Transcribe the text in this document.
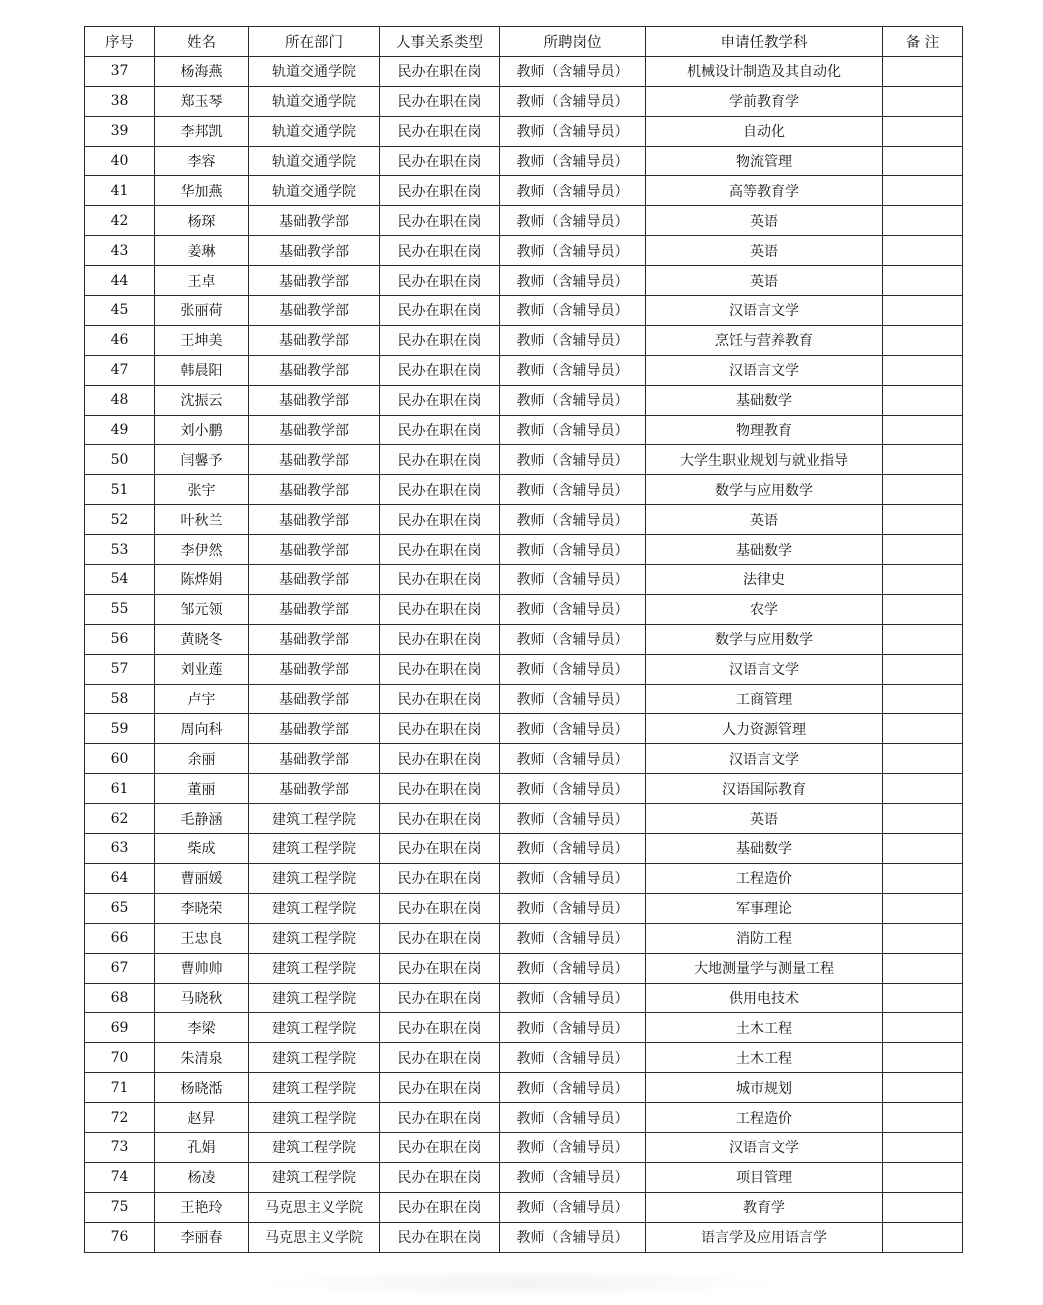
序号	姓名	所在部门	人事关系类型	所聘岗位	申请任教学科	备 注
37	杨海燕	轨道交通学院	民办在职在岗	教师（含辅导员）	机械设计制造及其自动化	
38	郑玉琴	轨道交通学院	民办在职在岗	教师（含辅导员）	学前教育学	
39	李邦凯	轨道交通学院	民办在职在岗	教师（含辅导员）	自动化	
40	李容	轨道交通学院	民办在职在岗	教师（含辅导员）	物流管理	
41	华加燕	轨道交通学院	民办在职在岗	教师（含辅导员）	高等教育学	
42	杨琛	基础教学部	民办在职在岗	教师（含辅导员）	英语	
43	姜琳	基础教学部	民办在职在岗	教师（含辅导员）	英语	
44	王卓	基础教学部	民办在职在岗	教师（含辅导员）	英语	
45	张丽荷	基础教学部	民办在职在岗	教师（含辅导员）	汉语言文学	
46	王坤美	基础教学部	民办在职在岗	教师（含辅导员）	烹饪与营养教育	
47	韩晨阳	基础教学部	民办在职在岗	教师（含辅导员）	汉语言文学	
48	沈振云	基础教学部	民办在职在岗	教师（含辅导员）	基础数学	
49	刘小鹏	基础教学部	民办在职在岗	教师（含辅导员）	物理教育	
50	闫馨予	基础教学部	民办在职在岗	教师（含辅导员）	大学生职业规划与就业指导	
51	张宇	基础教学部	民办在职在岗	教师（含辅导员）	数学与应用数学	
52	叶秋兰	基础教学部	民办在职在岗	教师（含辅导员）	英语	
53	李伊然	基础教学部	民办在职在岗	教师（含辅导员）	基础数学	
54	陈烨娟	基础教学部	民办在职在岗	教师（含辅导员）	法律史	
55	邹元领	基础教学部	民办在职在岗	教师（含辅导员）	农学	
56	黄晓冬	基础教学部	民办在职在岗	教师（含辅导员）	数学与应用数学	
57	刘业莲	基础教学部	民办在职在岗	教师（含辅导员）	汉语言文学	
58	卢宇	基础教学部	民办在职在岗	教师（含辅导员）	工商管理	
59	周向科	基础教学部	民办在职在岗	教师（含辅导员）	人力资源管理	
60	余丽	基础教学部	民办在职在岗	教师（含辅导员）	汉语言文学	
61	董丽	基础教学部	民办在职在岗	教师（含辅导员）	汉语国际教育	
62	毛静涵	建筑工程学院	民办在职在岗	教师（含辅导员）	英语	
63	柴成	建筑工程学院	民办在职在岗	教师（含辅导员）	基础数学	
64	曹丽媛	建筑工程学院	民办在职在岗	教师（含辅导员）	工程造价	
65	李晓荣	建筑工程学院	民办在职在岗	教师（含辅导员）	军事理论	
66	王忠良	建筑工程学院	民办在职在岗	教师（含辅导员）	消防工程	
67	曹帅帅	建筑工程学院	民办在职在岗	教师（含辅导员）	大地测量学与测量工程	
68	马晓秋	建筑工程学院	民办在职在岗	教师（含辅导员）	供用电技术	
69	李梁	建筑工程学院	民办在职在岗	教师（含辅导员）	土木工程	
70	朱清泉	建筑工程学院	民办在职在岗	教师（含辅导员）	土木工程	
71	杨晓湉	建筑工程学院	民办在职在岗	教师（含辅导员）	城市规划	
72	赵昇	建筑工程学院	民办在职在岗	教师（含辅导员）	工程造价	
73	孔娟	建筑工程学院	民办在职在岗	教师（含辅导员）	汉语言文学	
74	杨凌	建筑工程学院	民办在职在岗	教师（含辅导员）	项目管理	
75	王艳玲	马克思主义学院	民办在职在岗	教师（含辅导员）	教育学	
76	李丽春	马克思主义学院	民办在职在岗	教师（含辅导员）	语言学及应用语言学	
